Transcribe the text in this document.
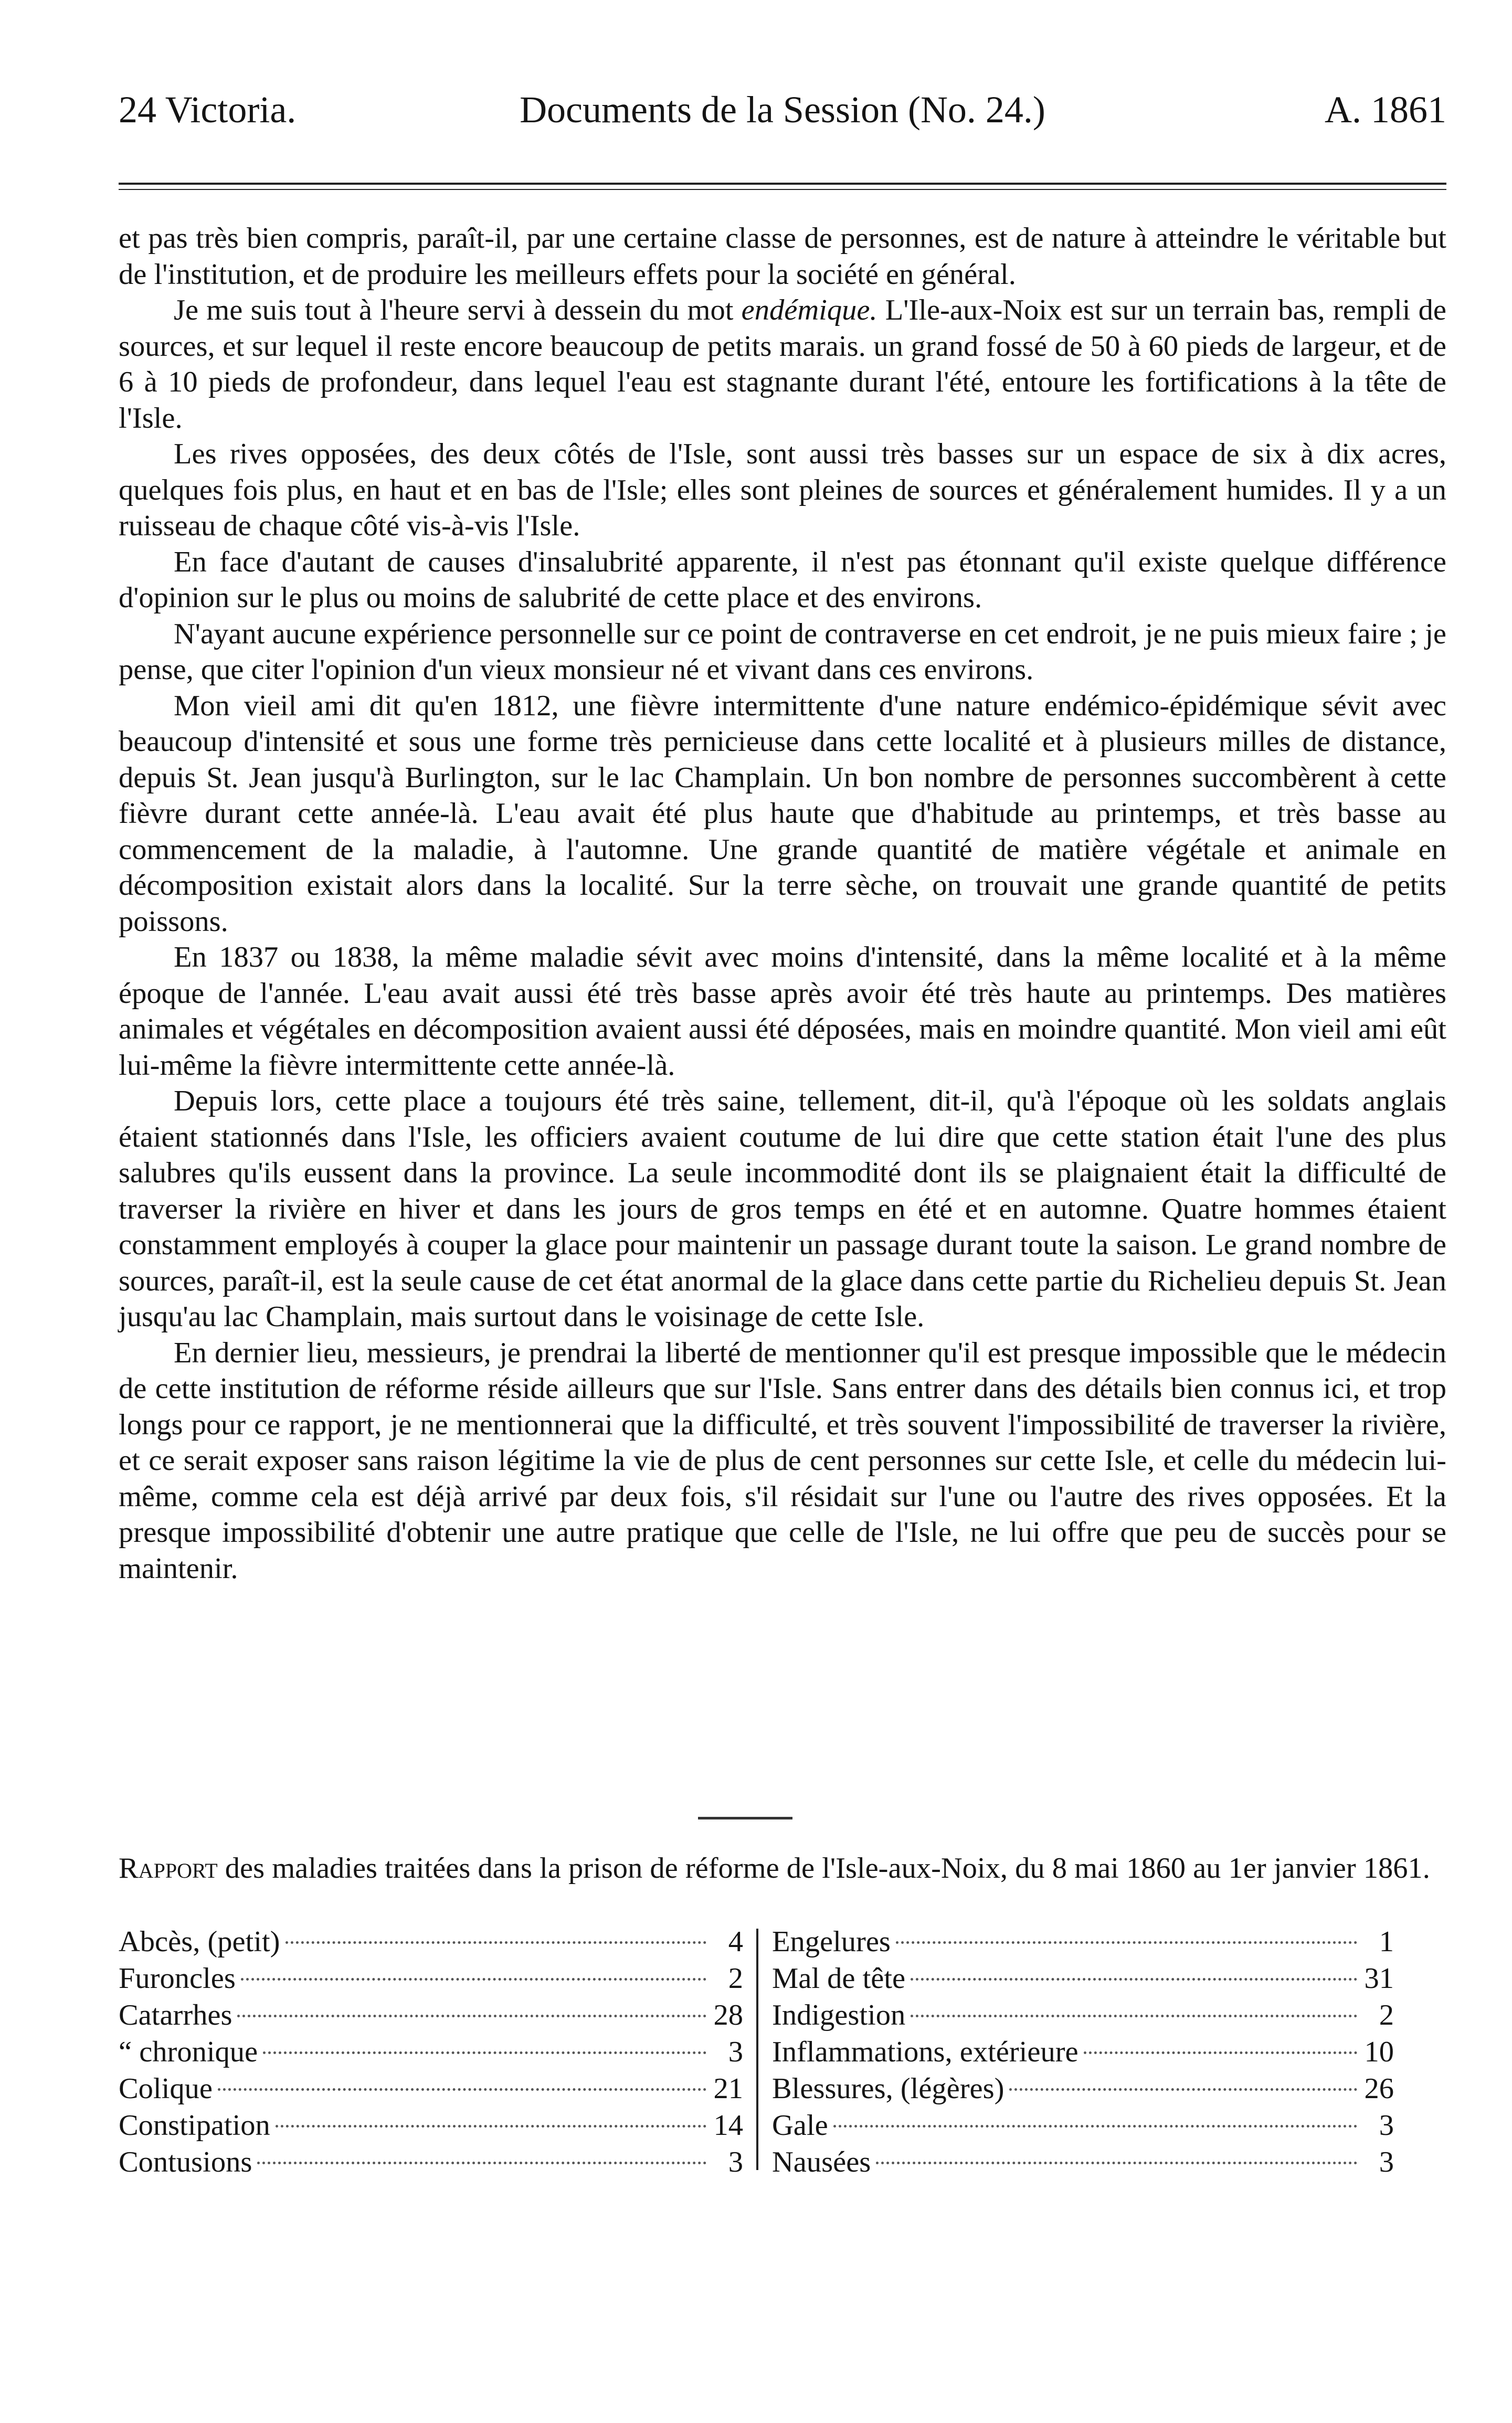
24 Victoria.	Documents de la Session (No. 24.)	A. 1861

et pas très bien compris, paraît-il, par une certaine classe de personnes, est de nature à atteindre le véritable but de l'institution, et de produire les meilleurs effets pour la société en général.

Je me suis tout à l'heure servi à dessein du mot endémique. L'Ile-aux-Noix est sur un terrain bas, rempli de sources, et sur lequel il reste encore beaucoup de petits marais. un grand fossé de 50 à 60 pieds de largeur, et de 6 à 10 pieds de profondeur, dans lequel l'eau est stagnante durant l'été, entoure les fortifications à la tête de l'Isle.

Les rives opposées, des deux côtés de l'Isle, sont aussi très basses sur un espace de six à dix acres, quelques fois plus, en haut et en bas de l'Isle; elles sont pleines de sources et généralement humides. Il y a un ruisseau de chaque côté vis-à-vis l'Isle.

En face d'autant de causes d'insalubrité apparente, il n'est pas étonnant qu'il existe quelque différence d'opinion sur le plus ou moins de salubrité de cette place et des environs.

N'ayant aucune expérience personnelle sur ce point de contraverse en cet endroit, je ne puis mieux faire ; je pense, que citer l'opinion d'un vieux monsieur né et vivant dans ces environs.

Mon vieil ami dit qu'en 1812, une fièvre intermittente d'une nature endémico-épidémique sévit avec beaucoup d'intensité et sous une forme très pernicieuse dans cette localité et à plusieurs milles de distance, depuis St. Jean jusqu'à Burlington, sur le lac Champlain. Un bon nombre de personnes succombèrent à cette fièvre durant cette année-là. L'eau avait été plus haute que d'habitude au printemps, et très basse au commencement de la maladie, à l'automne. Une grande quantité de matière végétale et animale en décomposition existait alors dans la localité. Sur la terre sèche, on trouvait une grande quantité de petits poissons.

En 1837 ou 1838, la même maladie sévit avec moins d'intensité, dans la même localité et à la même époque de l'année. L'eau avait aussi été très basse après avoir été très haute au printemps. Des matières animales et végétales en décomposition avaient aussi été déposées, mais en moindre quantité. Mon vieil ami eût lui-même la fièvre intermittente cette année-là.

Depuis lors, cette place a toujours été très saine, tellement, dit-il, qu'à l'époque où les soldats anglais étaient stationnés dans l'Isle, les officiers avaient coutume de lui dire que cette station était l'une des plus salubres qu'ils eussent dans la province. La seule incommodité dont ils se plaignaient était la difficulté de traverser la rivière en hiver et dans les jours de gros temps en été et en automne. Quatre hommes étaient constamment employés à couper la glace pour maintenir un passage durant toute la saison. Le grand nombre de sources, paraît-il, est la seule cause de cet état anormal de la glace dans cette partie du Richelieu depuis St. Jean jusqu'au lac Champlain, mais surtout dans le voisinage de cette Isle.

En dernier lieu, messieurs, je prendrai la liberté de mentionner qu'il est presque impossible que le médecin de cette institution de réforme réside ailleurs que sur l'Isle. Sans entrer dans des détails bien connus ici, et trop longs pour ce rapport, je ne mentionnerai que la difficulté, et très souvent l'impossibilité de traverser la rivière, et ce serait exposer sans raison légitime la vie de plus de cent personnes sur cette Isle, et celle du médecin lui-même, comme cela est déjà arrivé par deux fois, s'il résidait sur l'une ou l'autre des rives opposées. Et la presque impossibilité d'obtenir une autre pratique que celle de l'Isle, ne lui offre que peu de succès pour se maintenir.

Rapport des maladies traitées dans la prison de réforme de l'Isle-aux-Noix, du 8 mai 1860 au 1er janvier 1861.
Abcès, (petit)	4
Furoncles	2
Catarrhes	28
“ chronique	3
Colique	21
Constipation	14
Contusions	3
Engelures	1
Mal de tête	31
Indigestion	2
Inflammations, extérieure	10
Blessures, (légères)	26
Gale	3
Nausées	3
